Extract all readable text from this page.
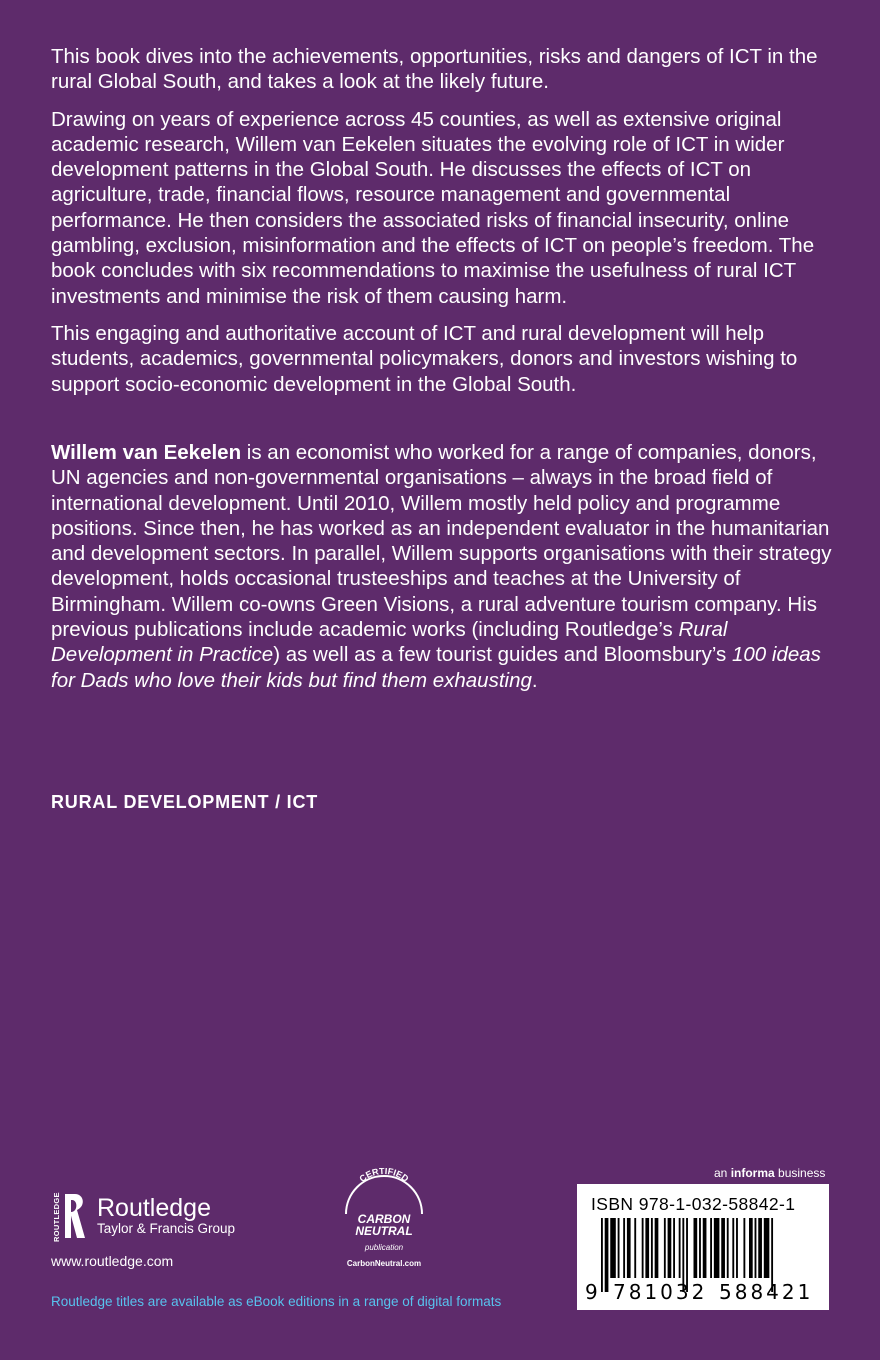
This book dives into the achievements, opportunities, risks and dangers of ICT in the rural Global South, and takes a look at the likely future.

Drawing on years of experience across 45 counties, as well as extensive original academic research, Willem van Eekelen situates the evolving role of ICT in wider development patterns in the Global South. He discusses the effects of ICT on agriculture, trade, financial flows, resource management and governmental performance. He then considers the associated risks of financial insecurity, online gambling, exclusion, misinformation and the effects of ICT on people’s freedom. The book concludes with six recommendations to maximise the usefulness of rural ICT investments and minimise the risk of them causing harm.

This engaging and authoritative account of ICT and rural development will help students, academics, governmental policymakers, donors and investors wishing to support socio-economic development in the Global South.

Willem van Eekelen is an economist who worked for a range of companies, donors, UN agencies and non-governmental organisations – always in the broad field of international development. Until 2010, Willem mostly held policy and programme positions. Since then, he has worked as an independent evaluator in the humanitarian and development sectors. In parallel, Willem supports organisations with their strategy development, holds occasional trusteeships and teaches at the University of Birmingham. Willem co-owns Green Visions, a rural adventure tourism company. His previous publications include academic works (including Routledge’s Rural Development in Practice) as well as a few tourist guides and Bloomsbury’s 100 ideas for Dads who love their kids but find them exhausting.

RURAL DEVELOPMENT / ICT
ROUTLEDGE Routledge
Taylor & Francis Group
www.routledge.com
Routledge titles are available as eBook editions in a range of digital formats
CERTIFIED
CARBON
NEUTRAL
publication
CarbonNeutral.com
an informa business
ISBN 978-1-032-58842-1
9 781032 588421
